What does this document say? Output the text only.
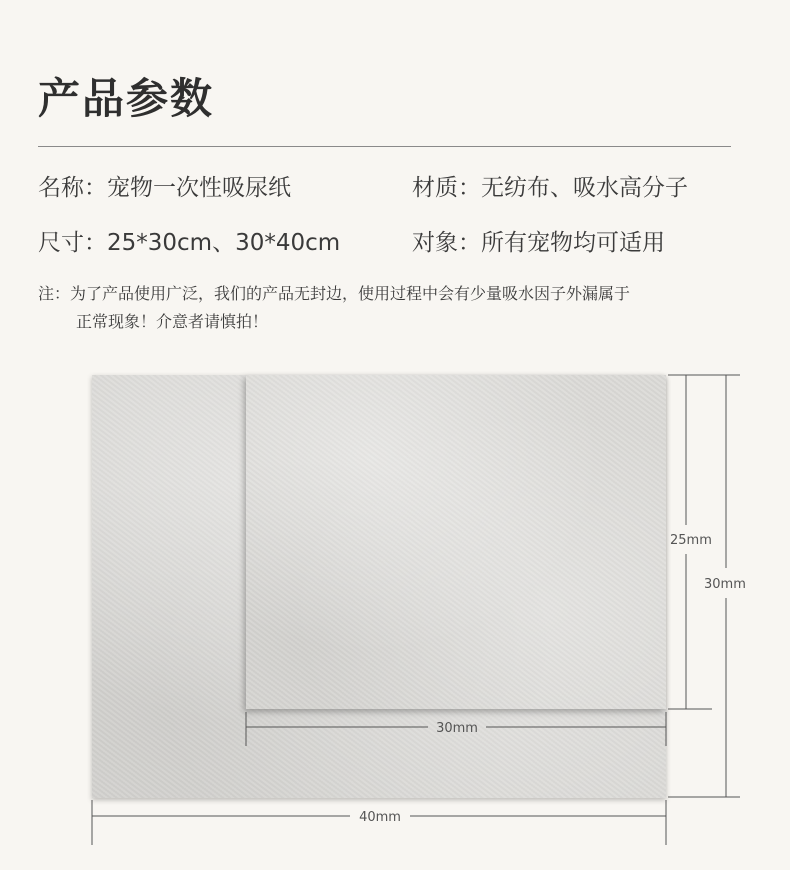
产品参数
名称：宠物一次性吸尿纸	材质：无纺布、吸水高分子
尺寸：25*30cm、30*40cm	对象：所有宠物均可适用
注：为了产品使用广泛，我们的产品无封边，使用过程中会有少量吸水因子外漏属于
正常现象！介意者请慎拍！
25mm
30mm
30mm
40mm
